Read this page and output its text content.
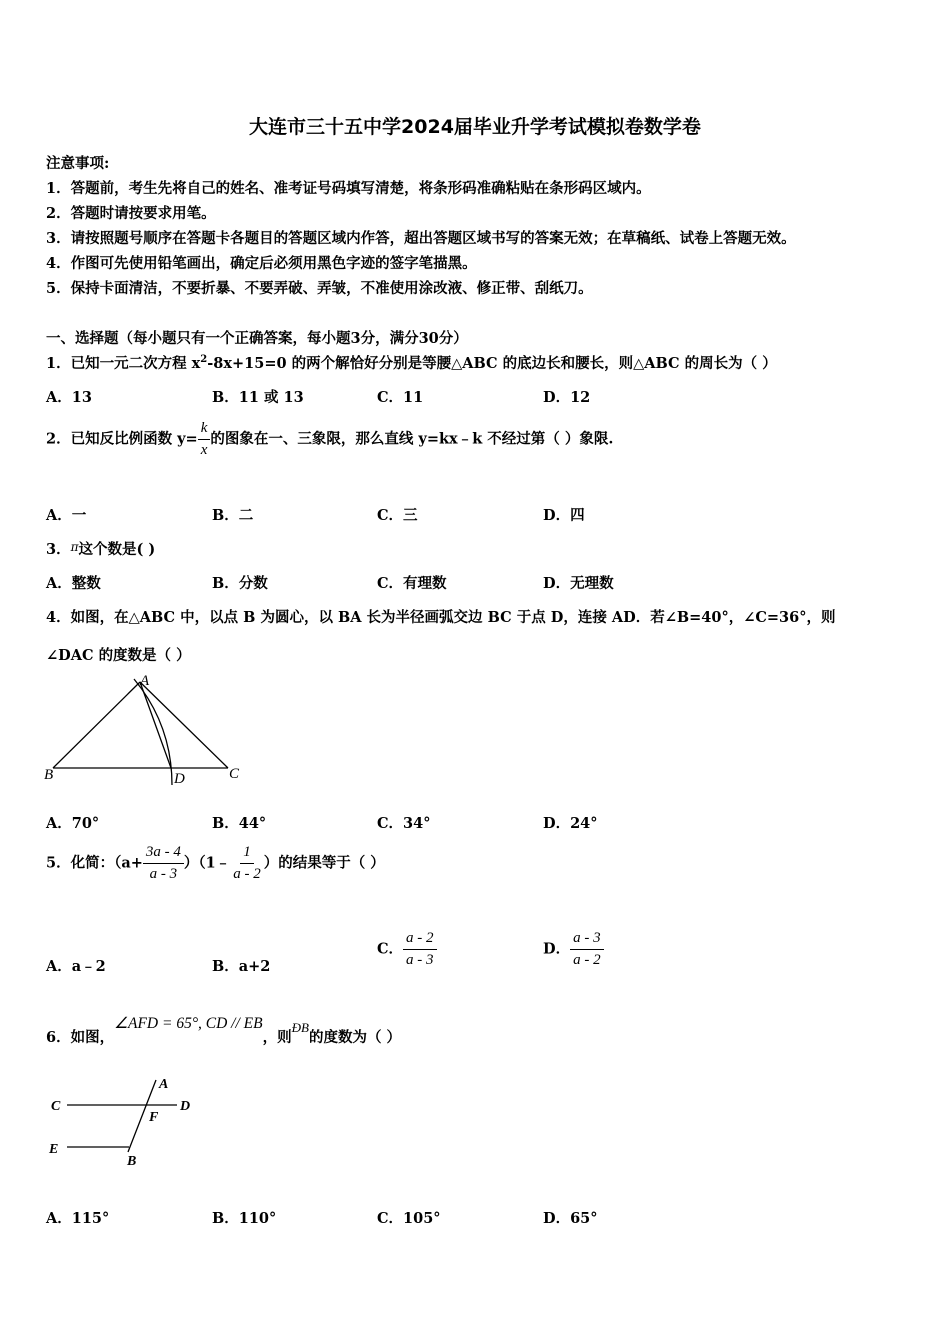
大连市三十五中学2024届毕业升学考试模拟卷数学卷
注意事项:
1．答题前，考生先将自己的姓名、准考证号码填写清楚，将条形码准确粘贴在条形码区域内。
2．答题时请按要求用笔。
3．请按照题号顺序在答题卡各题目的答题区域内作答，超出答题区域书写的答案无效；在草稿纸、试卷上答题无效。
4．作图可先使用铅笔画出，确定后必须用黑色字迹的签字笔描黑。
5．保持卡面清洁，不要折暴、不要弄破、弄皱，不准使用涂改液、修正带、刮纸刀。
一、选择题（每小题只有一个正确答案，每小题3分，满分30分）
1．已知一元二次方程 $x^2-8x+15=0$ 的两个解恰好分别是等腰△ABC 的底边长和腰长，则△ABC 的周长为（ ）
A．13	B．11 或 13	C．11	D．12
2．已知反比例函数 $y= \frac{k}{x}$ 的图象在一、三象限，那么直线 y=kx﹣k 不经过第（ ）象限.
A．一	B．二	C．三	D．四
3．$^\pi$这个数是( )
A．整数	B．分数	C．有理数	D．无理数
4．如图，在△ABC 中，以点 B 为圆心，以 BA 长为半径画弧交边 BC 于点 D，连接 AD．若∠B=40°，∠C=36°，则
∠DAC 的度数是（ ）
A
B	C
D
A．70°	B．44°	C．34°	D．24°
5．化简：（$a+ \frac{3a - 4}{a - 3}$ ）（1﹣ $\frac{1}{a - 2}$ ）的结果等于（ ）
A．a﹣2	B．a+2
C． $\frac{a - 2}{a - 3}$	D． $\frac{a - 3}{a - 2}$
6．如图，∠AFD = 65°, CD // EB，则ÐB的度数为（ ）
A
C	D
F
E
B
A．115°	B．110°	C．105°	D．65°
